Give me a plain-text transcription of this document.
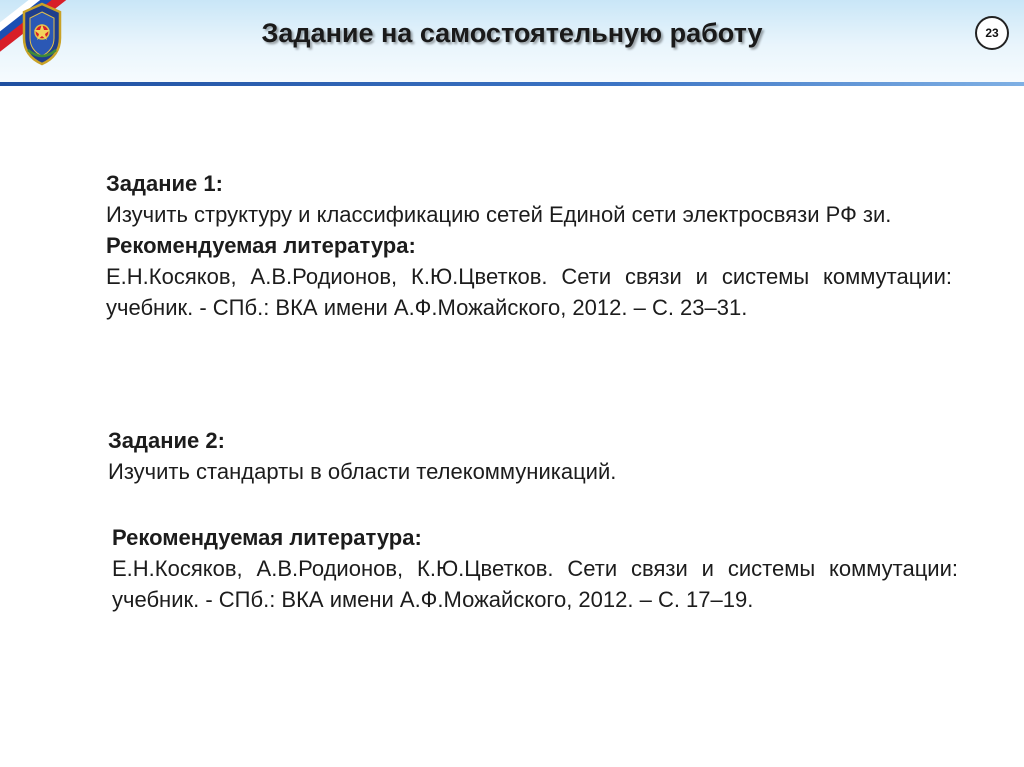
Задание на самостоятельную работу	23

Задание 1:

Изучить структуру и классификацию сетей Единой сети электросвязи РФ зи.

Рекомендуемая литература:

Е.Н.Косяков, А.В.Родионов, К.Ю.Цветков. Сети связи и системы коммутации: учебник. - СПб.: ВКА имени А.Ф.Можайского, 2012. – С. 23–31.

Задание 2:

Изучить стандарты в области телекоммуникаций.

Рекомендуемая литература:

Е.Н.Косяков, А.В.Родионов, К.Ю.Цветков. Сети связи и системы коммутации: учебник. - СПб.: ВКА имени А.Ф.Можайского, 2012. – С. 17–19.
